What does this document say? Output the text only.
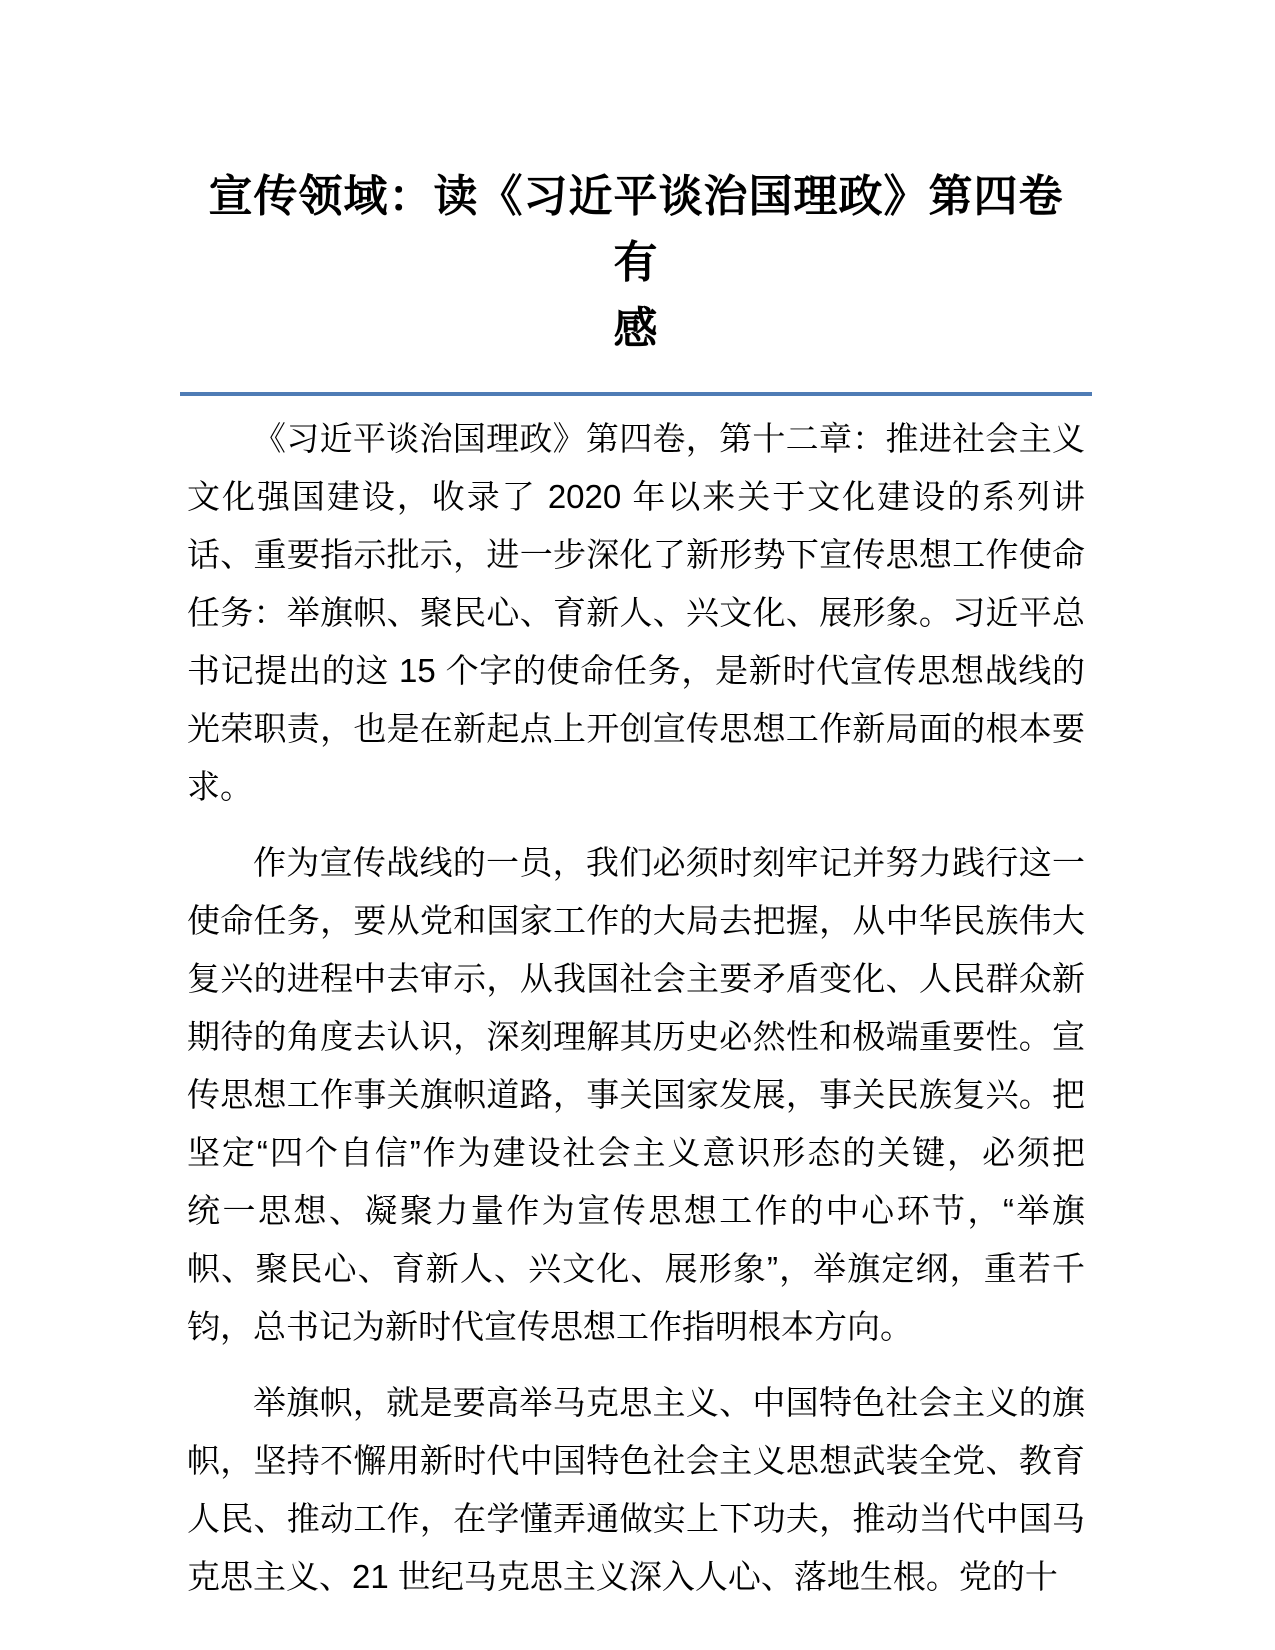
宣传领域：读《习近平谈治国理政》第四卷有
感
《习近平谈治国理政》第四卷，第十二章：推进社会主义
文化强国建设，收录了 2020 年以来关于文化建设的系列讲
话、重要指示批示，进一步深化了新形势下宣传思想工作使命
任务：举旗帜、聚民心、育新人、兴文化、展形象。习近平总
书记提出的这 15 个字的使命任务，是新时代宣传思想战线的
光荣职责，也是在新起点上开创宣传思想工作新局面的根本要
求。
作为宣传战线的一员，我们必须时刻牢记并努力践行这一
使命任务，要从党和国家工作的大局去把握，从中华民族伟大
复兴的进程中去审示，从我国社会主要矛盾变化、人民群众新
期待的角度去认识，深刻理解其历史必然性和极端重要性。宣
传思想工作事关旗帜道路，事关国家发展，事关民族复兴。把
坚定“四个自信”作为建设社会主义意识形态的关键，必须把
统一思想、凝聚力量作为宣传思想工作的中心环节，“举旗
帜、聚民心、育新人、兴文化、展形象”，举旗定纲，重若千
钧，总书记为新时代宣传思想工作指明根本方向。
举旗帜，就是要高举马克思主义、中国特色社会主义的旗
帜，坚持不懈用新时代中国特色社会主义思想武装全党、教育
人民、推动工作，在学懂弄通做实上下功夫，推动当代中国马
克思主义、21 世纪马克思主义深入人心、落地生根。党的十
